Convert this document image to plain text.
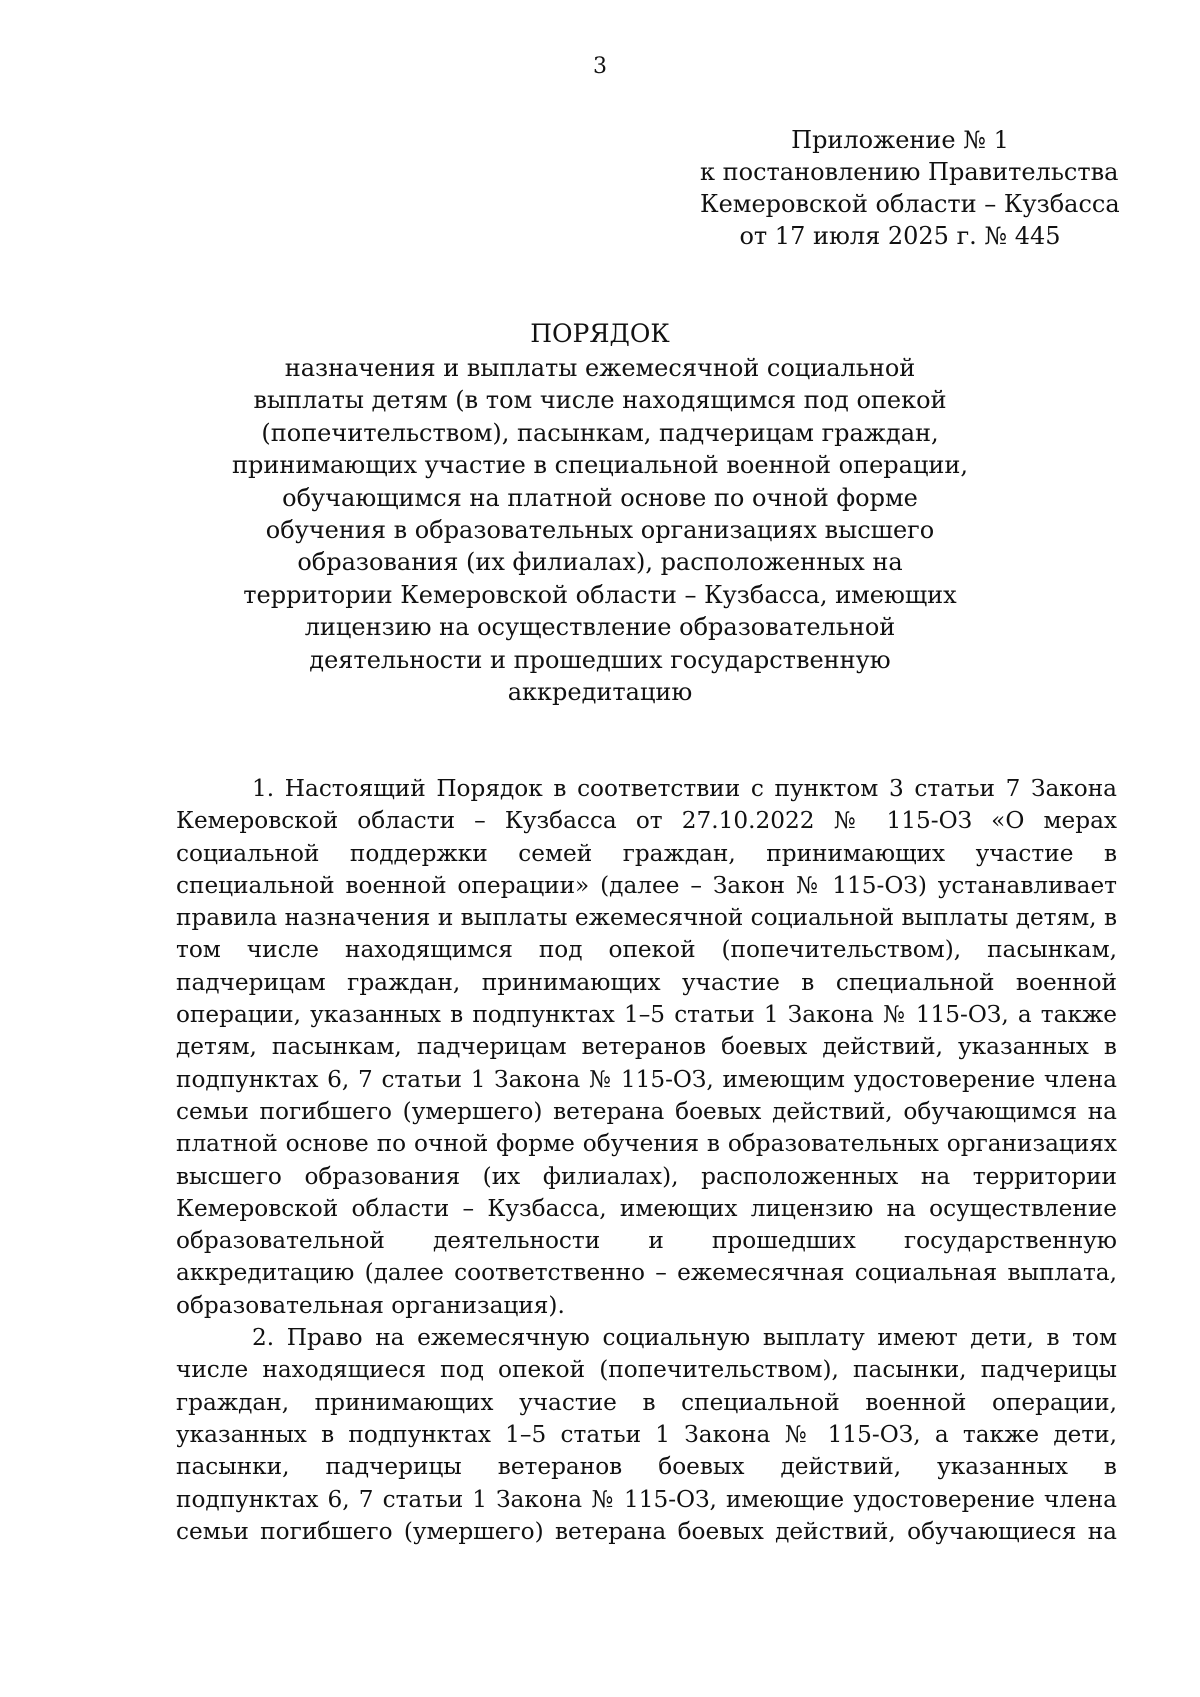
3
Приложение № 1
к постановлению Правительства
Кемеровской области – Кузбасса
от 17 июля 2025 г. № 445
ПОРЯДОК
назначения и выплаты ежемесячной социальной
выплаты детям (в том числе находящимся под опекой
(попечительством), пасынкам, падчерицам граждан,
принимающих участие в специальной военной операции,
обучающимся на платной основе по очной форме
обучения в образовательных организациях высшего
образования (их филиалах), расположенных на
территории Кемеровской области – Кузбасса, имеющих
лицензию на осуществление образовательной
деятельности и прошедших государственную
аккредитацию
1. Настоящий Порядок в соответствии с пунктом 3 статьи 7 Закона
Кемеровской области – Кузбасса от 27.10.2022 № 115-ОЗ «О мерах
социальной поддержки семей граждан, принимающих участие в
специальной военной операции» (далее – Закон № 115-ОЗ) устанавливает
правила назначения и выплаты ежемесячной социальной выплаты детям, в
том числе находящимся под опекой (попечительством), пасынкам,
падчерицам граждан, принимающих участие в специальной военной
операции, указанных в подпунктах 1–5 статьи 1 Закона № 115-ОЗ, а также
детям, пасынкам, падчерицам ветеранов боевых действий, указанных в
подпунктах 6, 7 статьи 1 Закона № 115-ОЗ, имеющим удостоверение члена
семьи погибшего (умершего) ветерана боевых действий, обучающимся на
платной основе по очной форме обучения в образовательных организациях
высшего образования (их филиалах), расположенных на территории
Кемеровской области – Кузбасса, имеющих лицензию на осуществление
образовательной деятельности и прошедших государственную
аккредитацию (далее соответственно – ежемесячная социальная выплата,
образовательная организация).
2. Право на ежемесячную социальную выплату имеют дети, в том
числе находящиеся под опекой (попечительством), пасынки, падчерицы
граждан, принимающих участие в специальной военной операции,
указанных в подпунктах 1–5 статьи 1 Закона № 115-ОЗ, а также дети,
пасынки, падчерицы ветеранов боевых действий, указанных в
подпунктах 6, 7 статьи 1 Закона № 115-ОЗ, имеющие удостоверение члена
семьи погибшего (умершего) ветерана боевых действий, обучающиеся на
